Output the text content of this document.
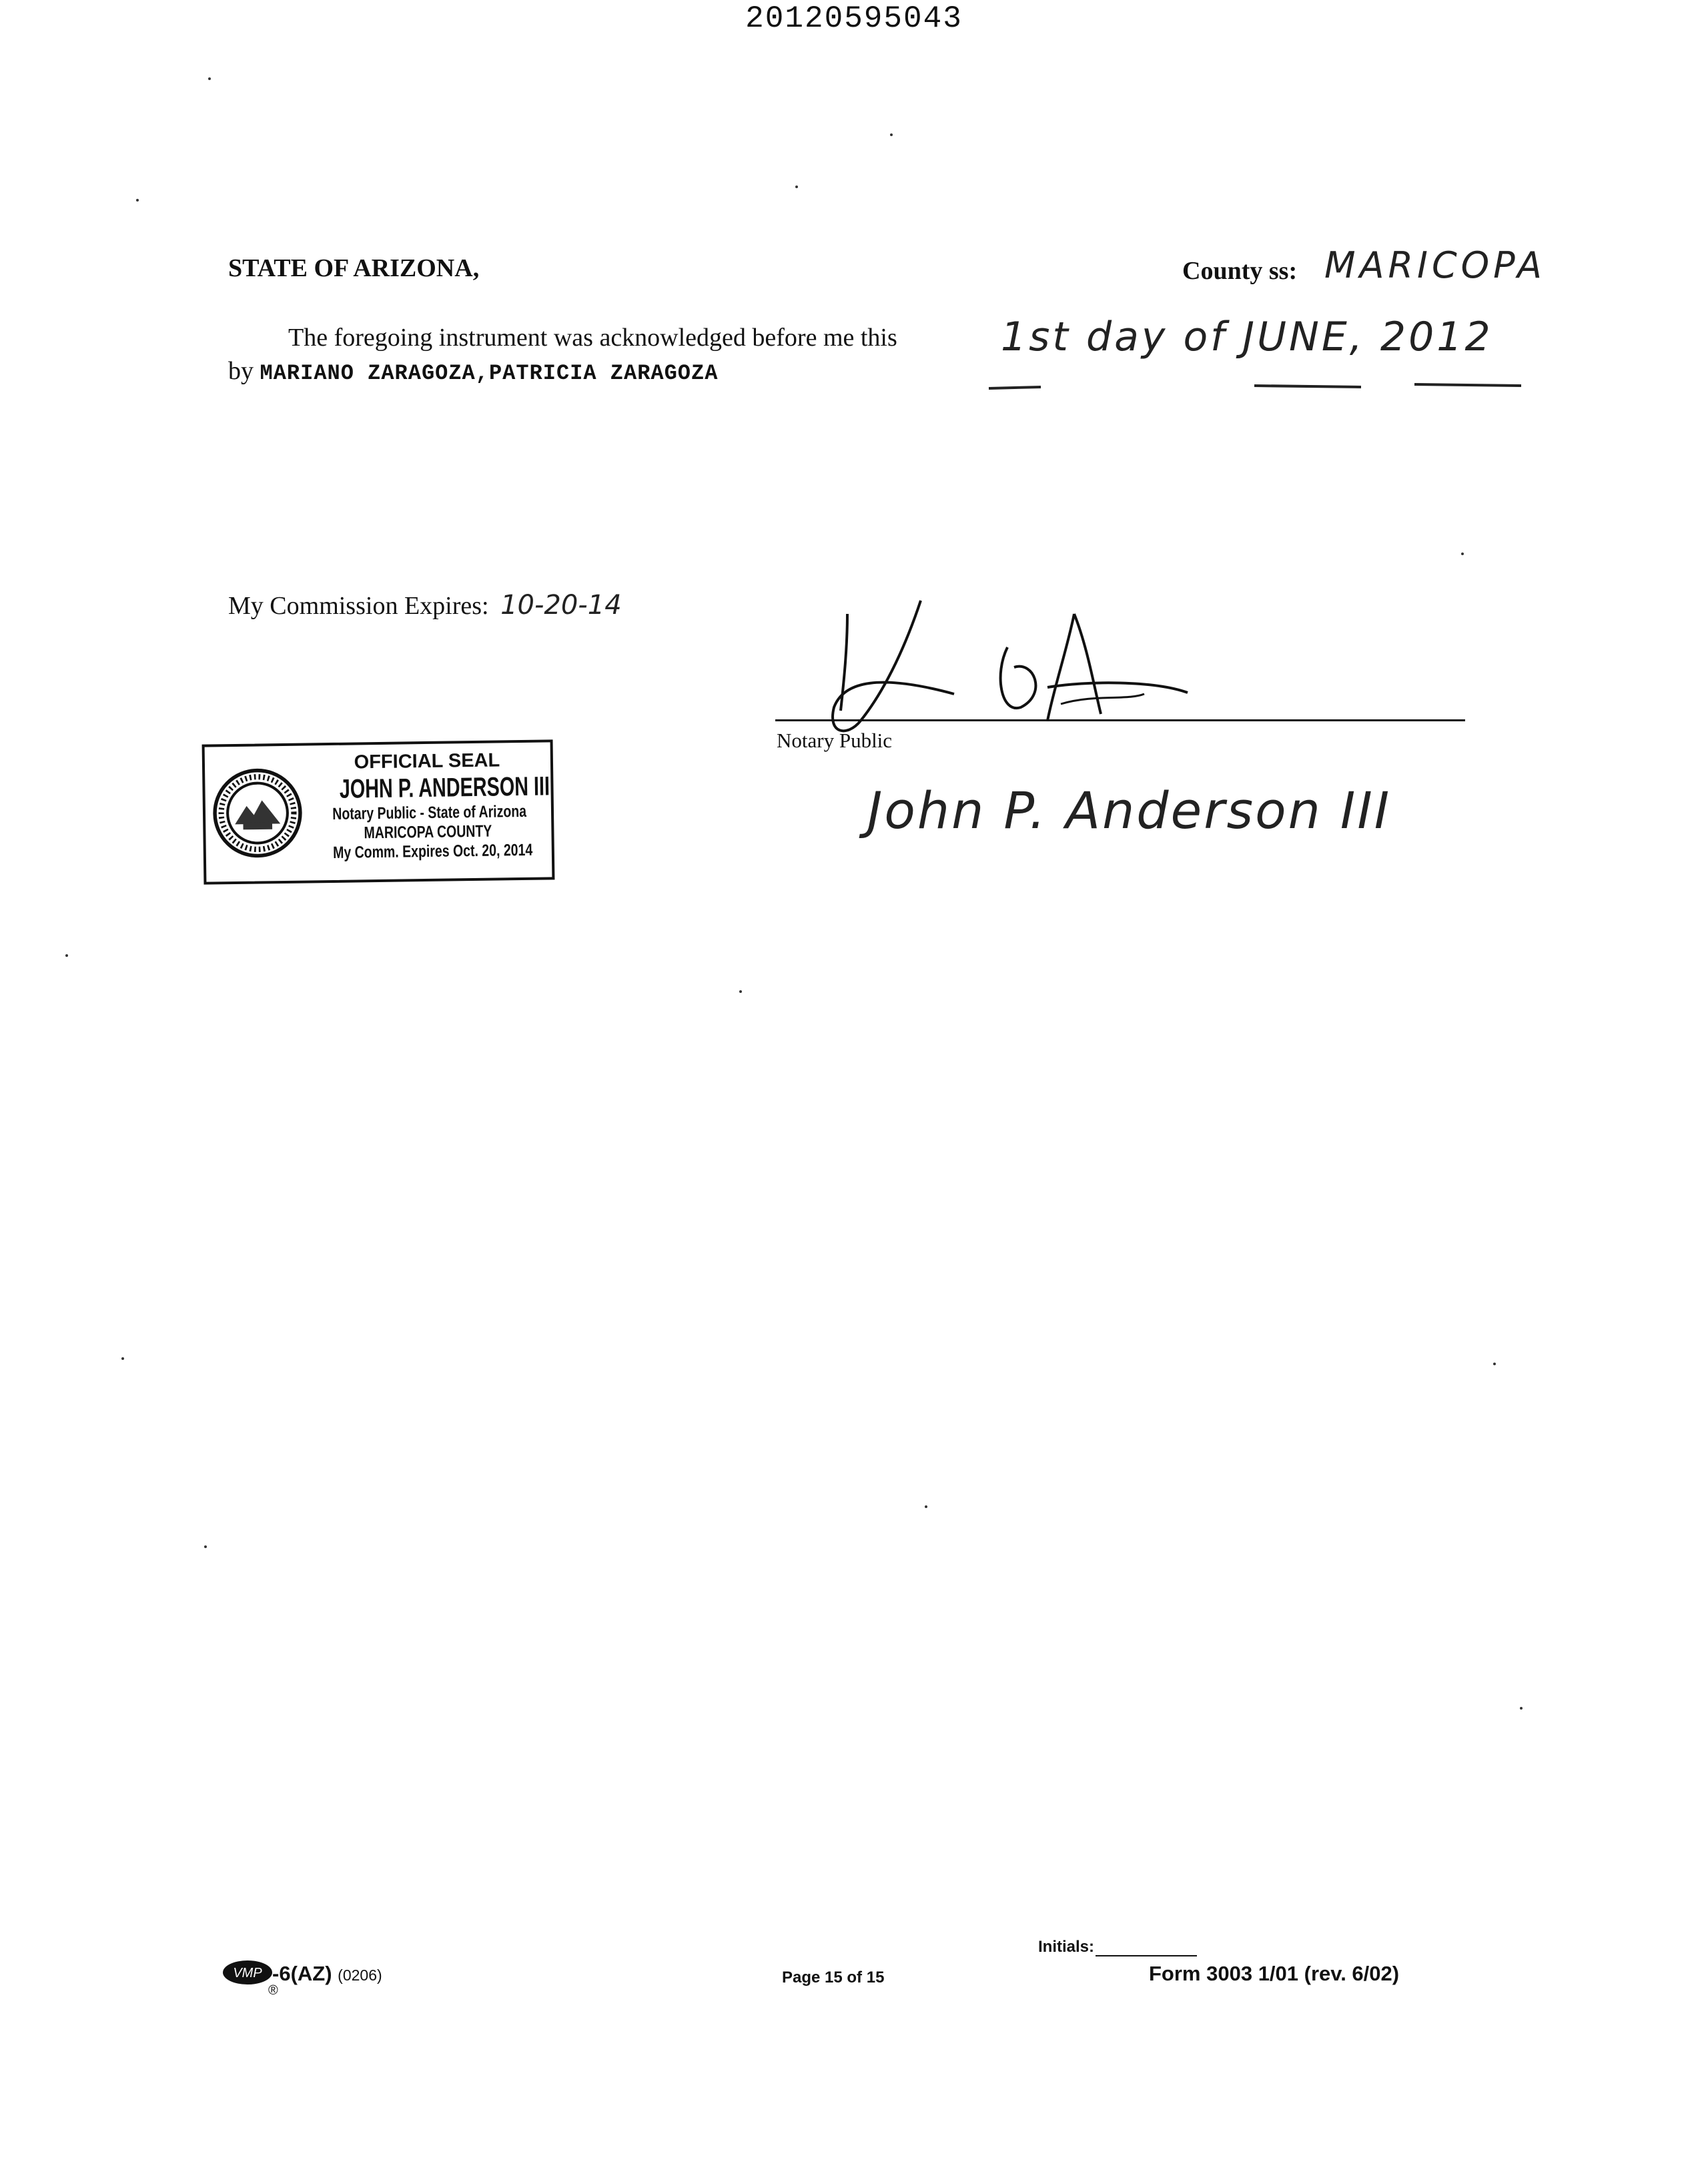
20120595043
STATE OF ARIZONA,	County ss: MARICOPA
The foregoing instrument was acknowledged before me this
by MARIANO ZARAGOZA,PATRICIA ZARAGOZA
1st day of JUNE, 2012
My Commission Expires: 10-20-14
Notary Public
John P. Anderson III
OFFICIAL SEAL
JOHN P. ANDERSON III
Notary Public - State of Arizona
MARICOPA COUNTY
My Comm. Expires Oct. 20, 2014
VMP
®
-6(AZ) (0206)	Page 15 of 15
Initials:
Form 3003 1/01 (rev. 6/02)
